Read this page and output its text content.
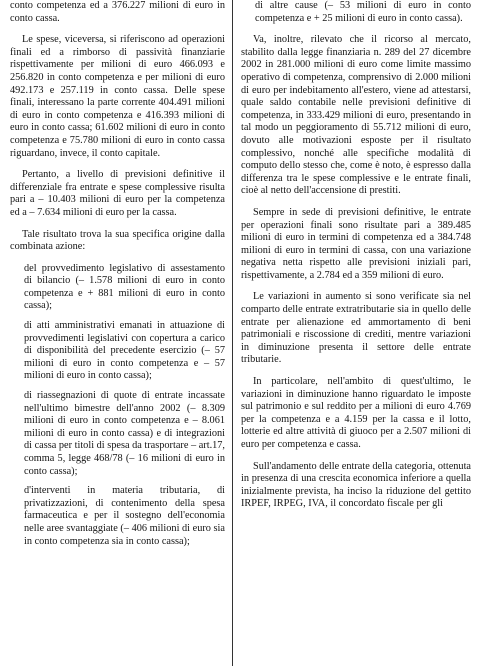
conto competenza ed a 376.227 milioni di euro in conto cassa.

Le spese, viceversa, si riferiscono ad operazioni finali ed a rimborso di passività finanziarie rispettivamente per milioni di euro 466.093 e 256.820 in conto competenza e per milioni di euro 492.173 e 257.119 in conto cassa. Delle spese finali, interessano la parte corrente 404.491 milioni di euro in conto competenza e 416.393 milioni di euro in conto cassa; 61.602 milioni di euro in conto competenza e 75.780 milioni di euro in conto cassa riguardano, invece, il conto capitale.

Pertanto, a livello di previsioni definitive il differenziale fra entrate e spese complessive risulta pari a – 10.403 milioni di euro per la competenza ed a – 7.634 milioni di euro per la cassa.

Tale risultato trova la sua specifica origine dalla combinata azione:

del provvedimento legislativo di assestamento di bilancio (– 1.578 milioni di euro in conto competenza e + 881 milioni di euro in conto cassa);

di atti amministrativi emanati in attuazione di provvedimenti legislativi con copertura a carico di disponibilità del precedente esercizio (– 57 milioni di euro in conto competenza e – 57 milioni di euro in conto cassa);

di riassegnazioni di quote di entrate incassate nell'ultimo bimestre dell'anno 2002 (– 8.309 milioni di euro in conto competenza e – 8.061 milioni di euro in conto cassa) e di integrazioni di cassa per titoli di spesa da trasportare – art.17, comma 5, legge 468/78 (– 16 milioni di euro in conto cassa);

d'interventi in materia tributaria, di privatizzazioni, di contenimento della spesa farmaceutica e per il sostegno dell'economia nelle aree svantaggiate (– 406 milioni di euro sia in conto competenza sia in conto cassa);

di altre cause (– 53 milioni di euro in conto competenza e + 25 milioni di euro in conto cassa).

Va, inoltre, rilevato che il ricorso al mercato, stabilito dalla legge finanziaria n. 289 del 27 dicembre 2002 in 281.000 milioni di euro come limite massimo operativo di competenza, comprensivo di 2.000 milioni di euro per indebitamento all'estero, viene ad attestarsi, quale saldo contabile nelle previsioni definitive di competenza, in 333.429 milioni di euro, presentando in tal modo un peggioramento di 55.712 milioni di euro, dovuto alle motivazioni esposte per il risultato complessivo, nonché alle specifiche modalità di computo dello stesso che, come è noto, è espresso dalla differenza tra le spese complessive e le entrate finali, cioè al netto dell'accensione di prestiti.

Sempre in sede di previsioni definitive, le entrate per operazioni finali sono risultate pari a 389.485 milioni di euro in termini di competenza ed a 384.748 milioni di euro in termini di cassa, con una variazione negativa netta rispetto alle previsioni iniziali pari, rispettivamente, a 2.784 ed a 359 milioni di euro.

Le variazioni in aumento si sono verificate sia nel comparto delle entrate extratributarie sia in quello delle entrate per alienazione ed ammortamento di beni patrimoniali e riscossione di crediti, mentre variazioni in diminuzione presenta il settore delle entrate tributarie.

In particolare, nell'ambito di quest'ultimo, le variazioni in diminuzione hanno riguardato le imposte sul patrimonio e sul reddito per a milioni di euro 4.769 per la competenza e a 4.159 per la cassa e il lotto, lotterie ed altre attività di giuoco per a 2.507 milioni di euro per competenza e cassa.

Sull'andamento delle entrate della categoria, ottenuta in presenza di una crescita economica inferiore a quella inizialmente prevista, ha inciso la riduzione del gettito IRPEF, IRPEG, IVA, il concordato fiscale per gli
